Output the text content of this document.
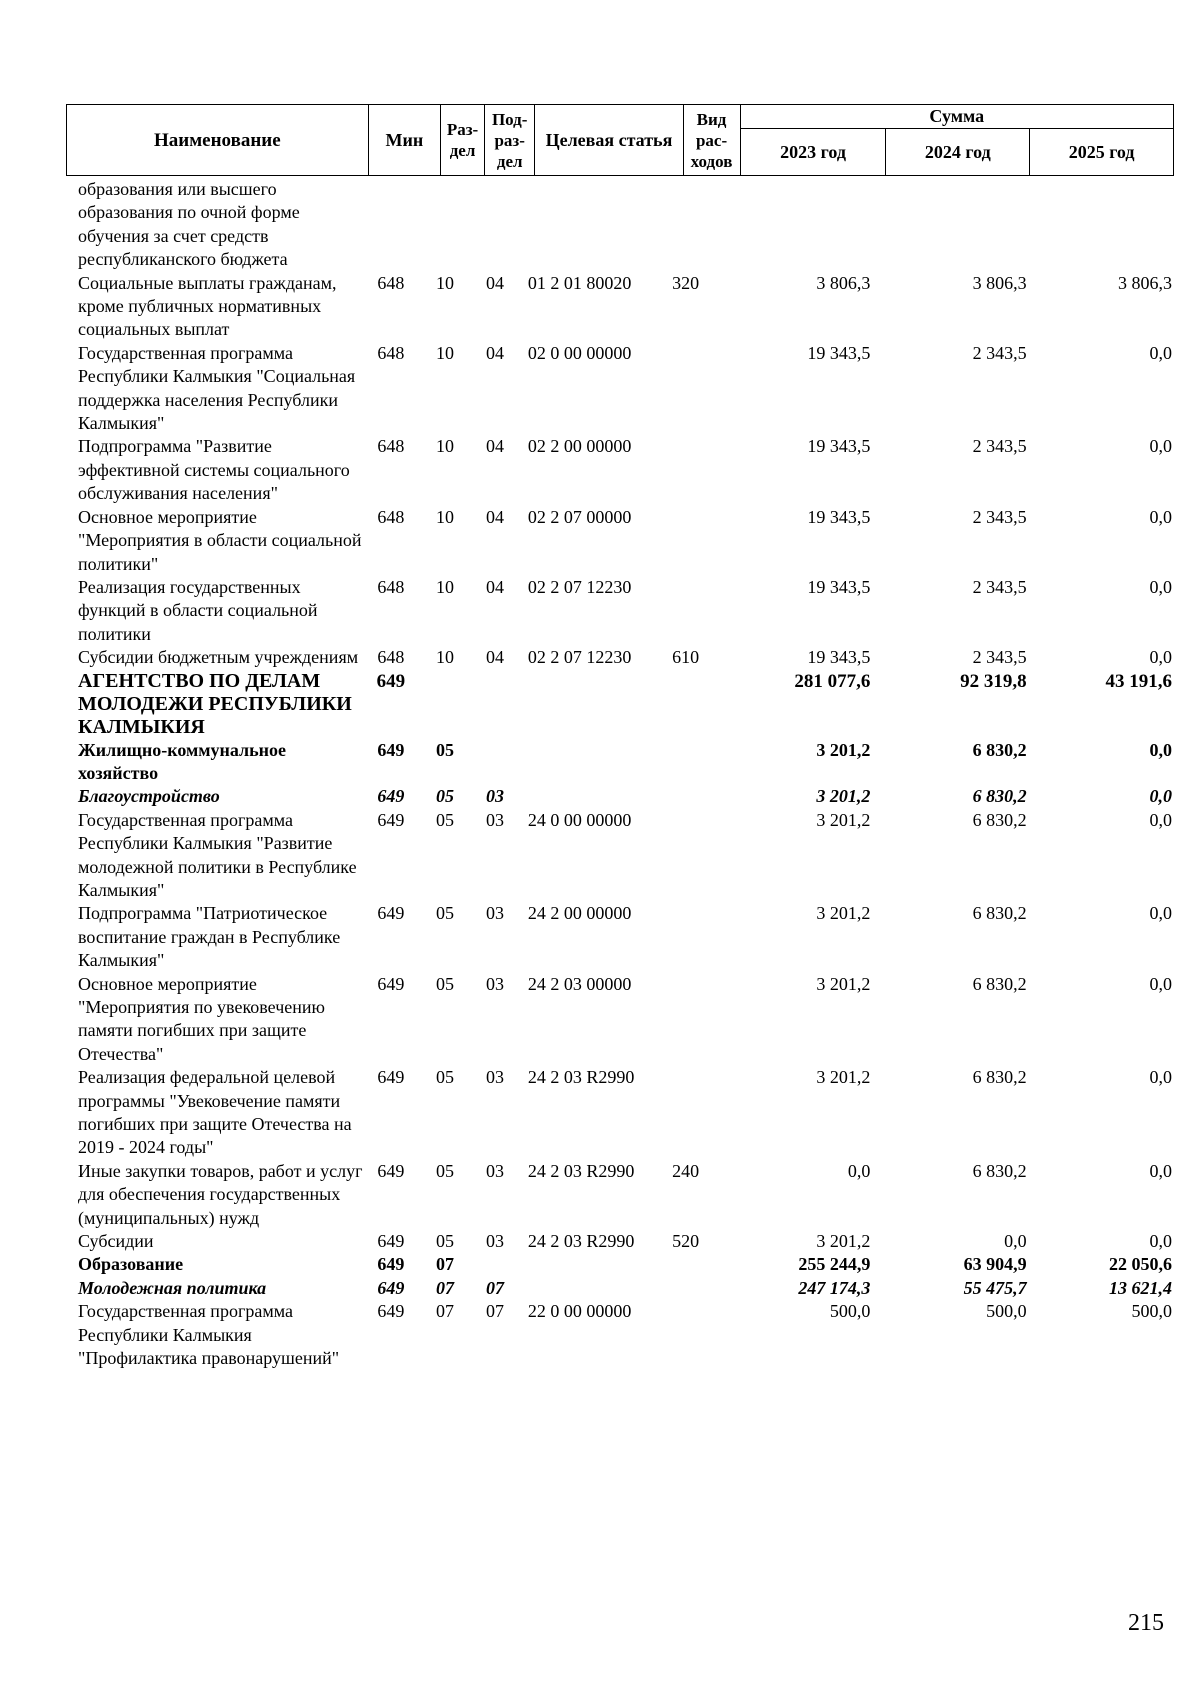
Наименование	Мин	Раз-дел	Под-раз-дел	Целевая статья	Вид рас-ходов	Сумма		
						2023 год	2024 год	2025 год
образования или высшего образования по очной форме обучения за счет средств республиканского бюджета								
Социальные выплаты гражданам, кроме публичных нормативных социальных выплат	648	10	04	01 2 01 80020	320	3 806,3	3 806,3	3 806,3
Государственная программа Республики Калмыкия "Социальная поддержка населения Республики Калмыкия"	648	10	04	02 0 00 00000		19 343,5	2 343,5	0,0
Подпрограмма "Развитие эффективной системы социального обслуживания населения"	648	10	04	02 2 00 00000		19 343,5	2 343,5	0,0
Основное мероприятие "Мероприятия в области социальной политики"	648	10	04	02 2 07 00000		19 343,5	2 343,5	0,0
Реализация государственных функций в области социальной политики	648	10	04	02 2 07 12230		19 343,5	2 343,5	0,0
Субсидии бюджетным учреждениям	648	10	04	02 2 07 12230	610	19 343,5	2 343,5	0,0
АГЕНТСТВО ПО ДЕЛАМ МОЛОДЕЖИ РЕСПУБЛИКИ КАЛМЫКИЯ	649					281 077,6	92 319,8	43 191,6
Жилищно-коммунальное хозяйство	649	05				3 201,2	6 830,2	0,0
Благоустройство	649	05	03			3 201,2	6 830,2	0,0
Государственная программа Республики Калмыкия "Развитие молодежной политики в Республике Калмыкия"	649	05	03	24 0 00 00000		3 201,2	6 830,2	0,0
Подпрограмма "Патриотическое воспитание граждан в Республике Калмыкия"	649	05	03	24 2 00 00000		3 201,2	6 830,2	0,0
Основное мероприятие "Мероприятия по увековечению памяти погибших при защите Отечества"	649	05	03	24 2 03 00000		3 201,2	6 830,2	0,0
Реализация федеральной целевой программы "Увековечение памяти погибших при защите Отечества на 2019 - 2024 годы"	649	05	03	24 2 03 R2990		3 201,2	6 830,2	0,0
Иные закупки товаров, работ и услуг для обеспечения государственных (муниципальных) нужд	649	05	03	24 2 03 R2990	240	0,0	6 830,2	0,0
Субсидии	649	05	03	24 2 03 R2990	520	3 201,2	0,0	0,0
Образование	649	07				255 244,9	63 904,9	22 050,6
Молодежная политика	649	07	07			247 174,3	55 475,7	13 621,4
Государственная программа Республики Калмыкия "Профилактика правонарушений"	649	07	07	22 0 00 00000		500,0	500,0	500,0
215
